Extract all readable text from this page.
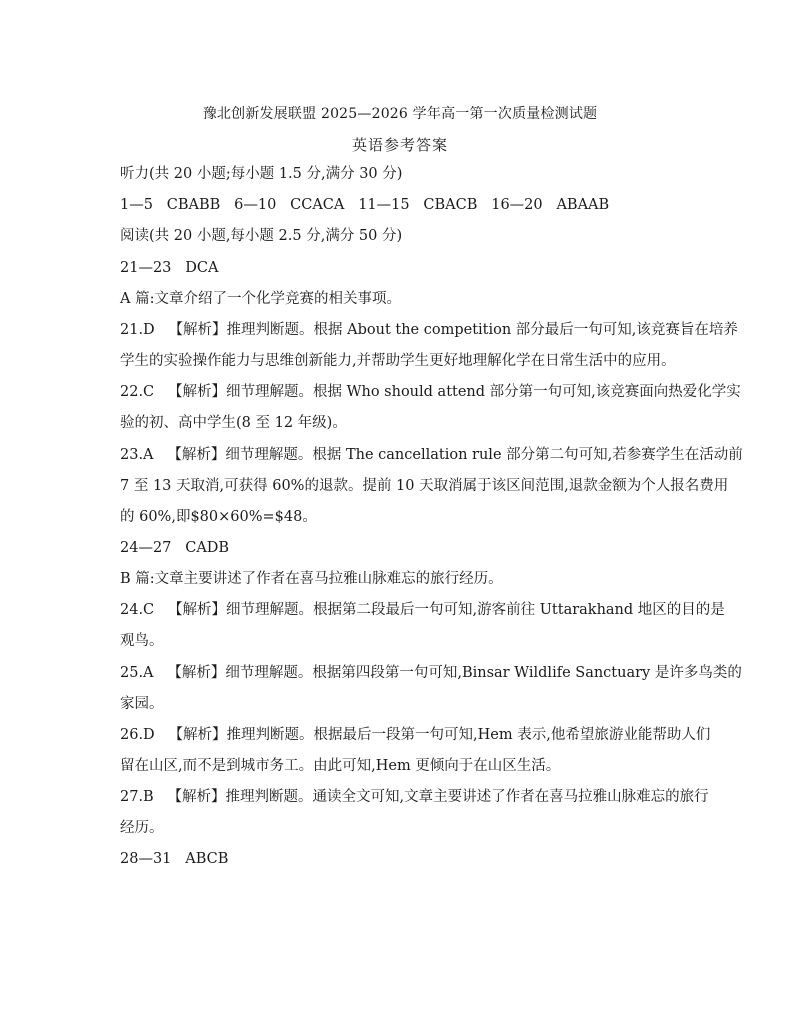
豫北创新发展联盟 2025—2026 学年高一第一次质量检测试题
英语参考答案
听力(共 20 小题;每小题 1.5 分,满分 30 分)
1—5   CBABB   6—10   CCACA   11—15   CBACB   16—20   ABAAB
阅读(共 20 小题,每小题 2.5 分,满分 50 分)
21—23   DCA
A 篇:文章介绍了一个化学竞赛的相关事项。
21.D   【解析】推理判断题。根据 About the competition 部分最后一句可知,该竞赛旨在培养
学生的实验操作能力与思维创新能力,并帮助学生更好地理解化学在日常生活中的应用。
22.C   【解析】细节理解题。根据 Who should attend 部分第一句可知,该竞赛面向热爱化学实
验的初、高中学生(8 至 12 年级)。
23.A   【解析】细节理解题。根据 The cancellation rule 部分第二句可知,若参赛学生在活动前
7 至 13 天取消,可获得 60%的退款。提前 10 天取消属于该区间范围,退款金额为个人报名费用
的 60%,即$80×60%=$48。
24—27   CADB
B 篇:文章主要讲述了作者在喜马拉雅山脉难忘的旅行经历。
24.C   【解析】细节理解题。根据第二段最后一句可知,游客前往 Uttarakhand 地区的目的是
观鸟。
25.A   【解析】细节理解题。根据第四段第一句可知,Binsar Wildlife Sanctuary 是许多鸟类的
家园。
26.D   【解析】推理判断题。根据最后一段第一句可知,Hem 表示,他希望旅游业能帮助人们
留在山区,而不是到城市务工。由此可知,Hem 更倾向于在山区生活。
27.B   【解析】推理判断题。通读全文可知,文章主要讲述了作者在喜马拉雅山脉难忘的旅行
经历。
28—31   ABCB
